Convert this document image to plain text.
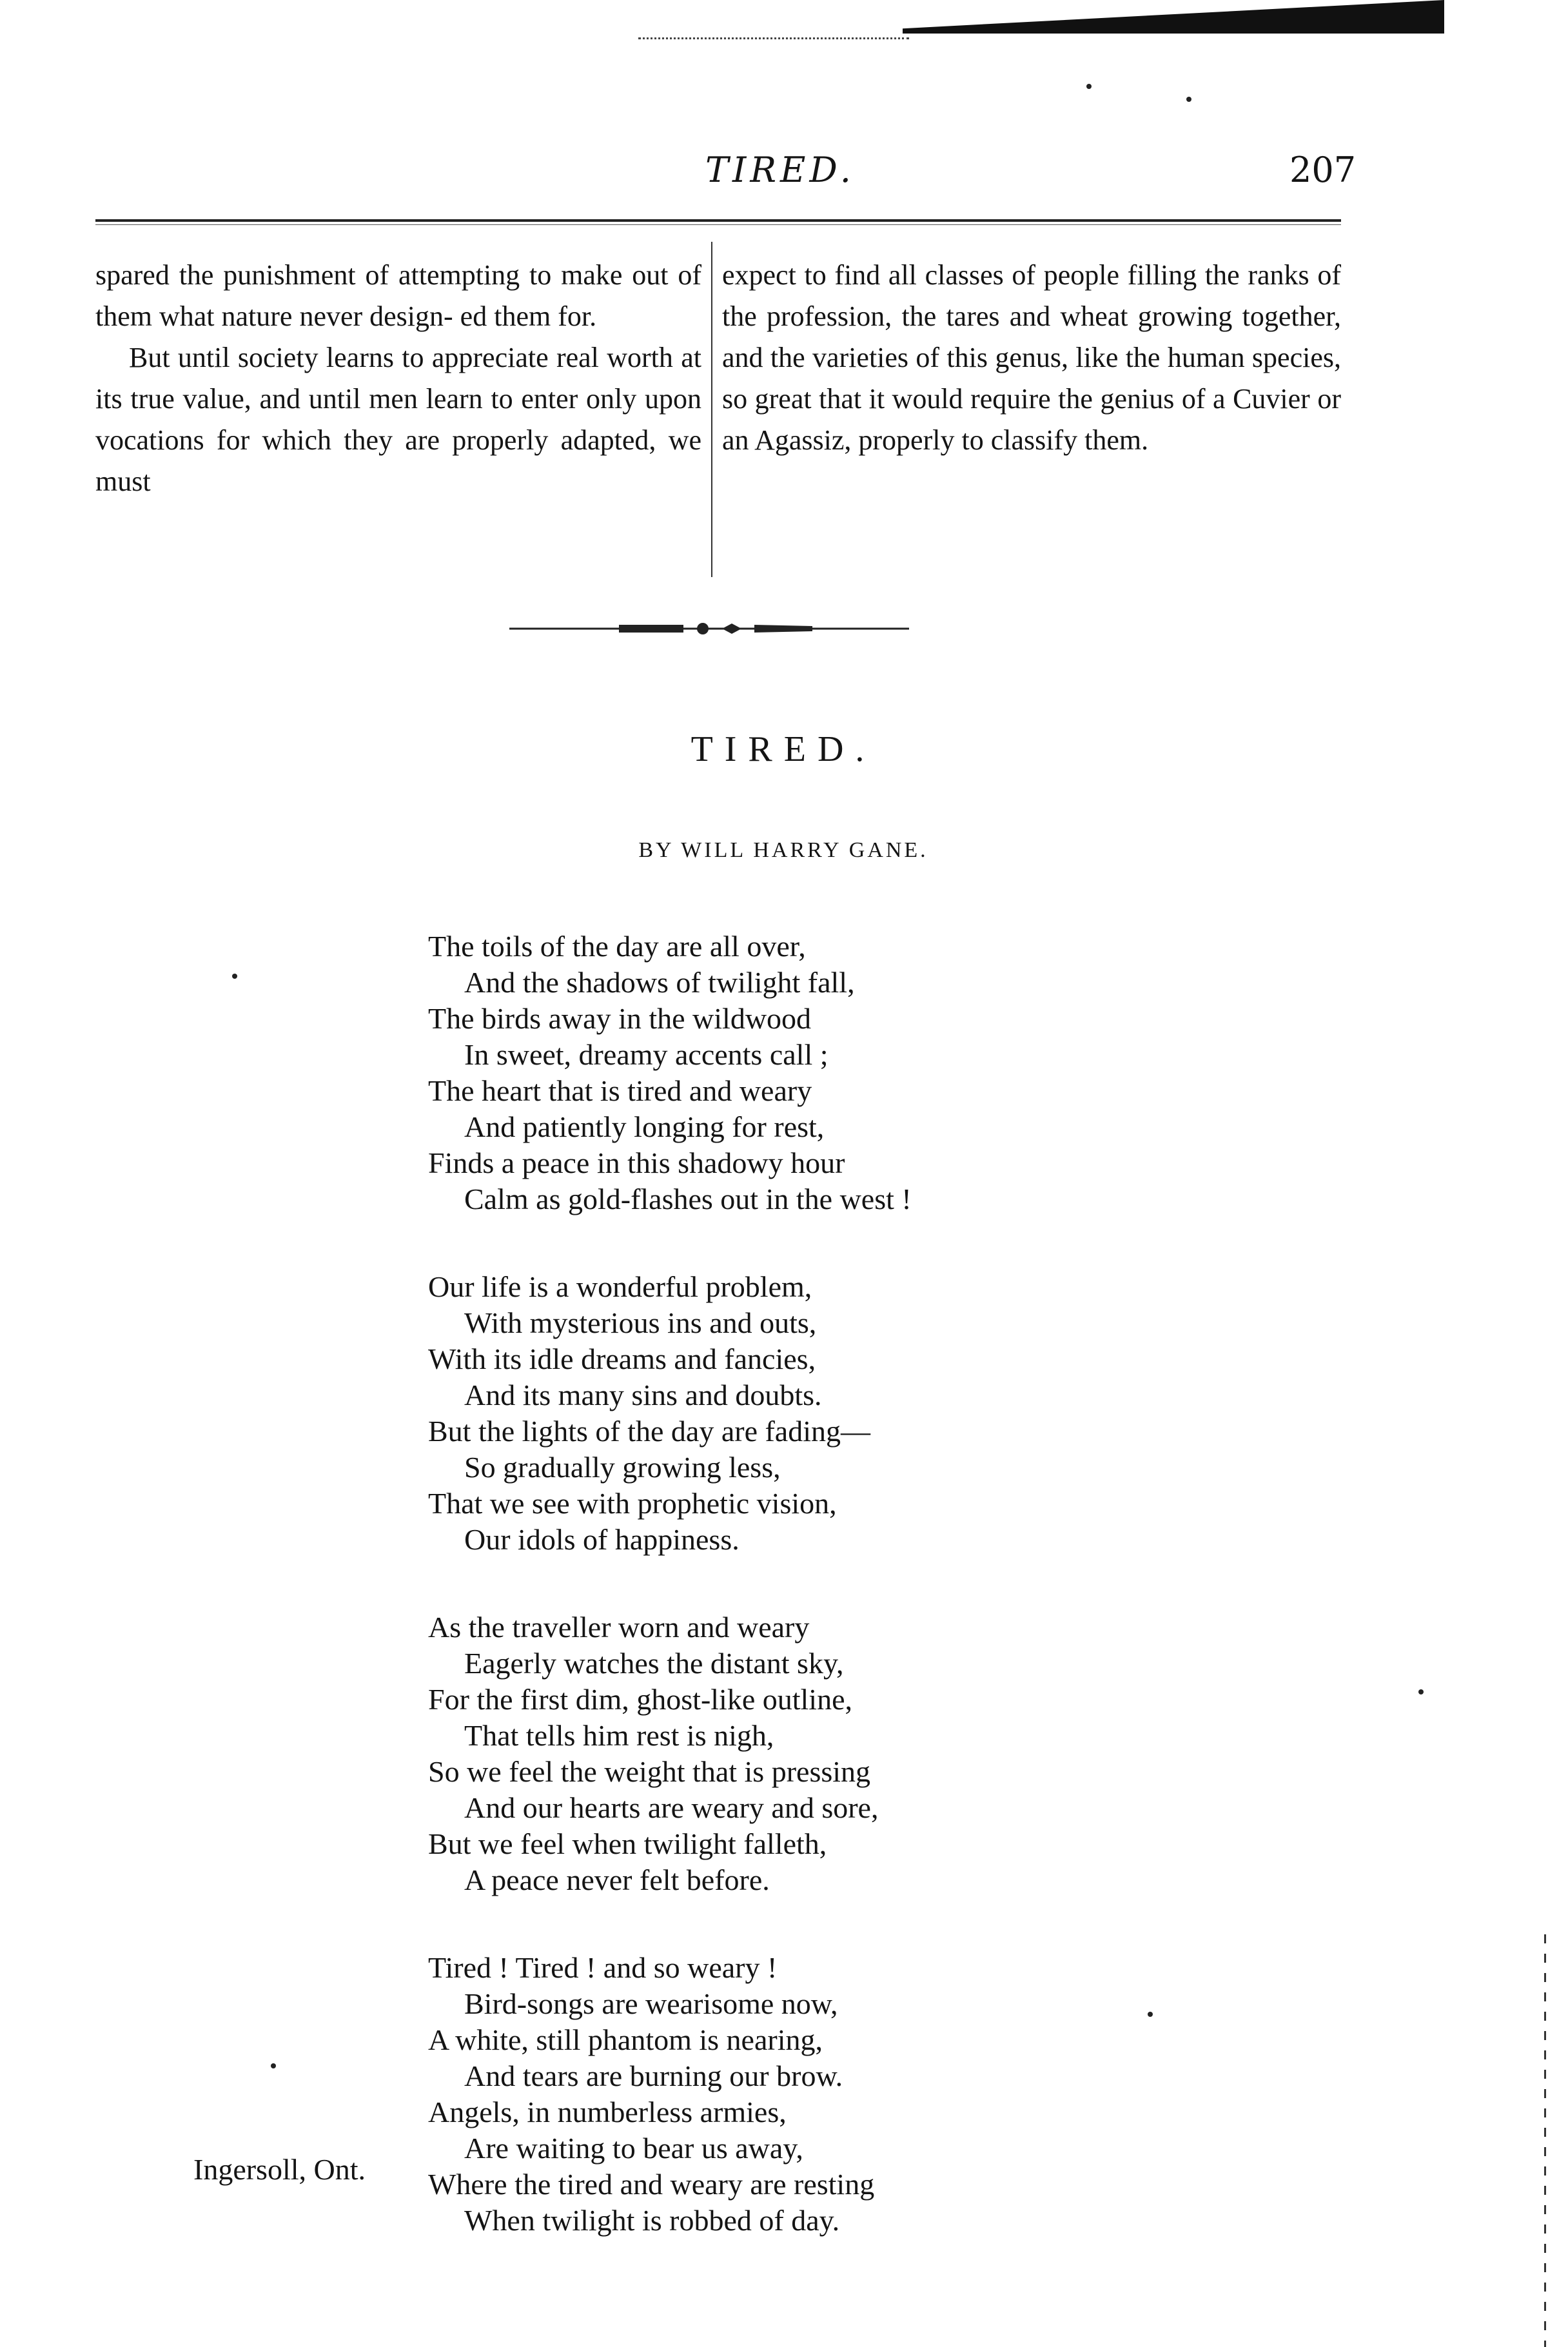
TIRED.	207

spared the punishment of attempting to make out of them what nature never design- ed them for.

But until society learns to appreciate real worth at its true value, and until men learn to enter only upon vocations for which they are properly adapted, we must

expect to find all classes of people filling the ranks of the profession, the tares and wheat growing together, and the varieties of this genus, like the human species, so great that it would require the genius of a Cuvier or an Agassiz, properly to classify them.

TIRED.
BY WILL HARRY GANE.
The toils of the day are all over,
And the shadows of twilight fall,
The birds away in the wildwood
In sweet, dreamy accents call ;
The heart that is tired and weary
And patiently longing for rest,
Finds a peace in this shadowy hour
Calm as gold-flashes out in the west !
Our life is a wonderful problem,
With mysterious ins and outs,
With its idle dreams and fancies,
And its many sins and doubts.
But the lights of the day are fading—
So gradually growing less,
That we see with prophetic vision,
Our idols of happiness.
As the traveller worn and weary
Eagerly watches the distant sky,
For the first dim, ghost-like outline,
That tells him rest is nigh,
So we feel the weight that is pressing
And our hearts are weary and sore,
But we feel when twilight falleth,
A peace never felt before.
Tired ! Tired ! and so weary !
Bird-songs are wearisome now,
A white, still phantom is nearing,
And tears are burning our brow.
Angels, in numberless armies,
Are waiting to bear us away,
Where the tired and weary are resting
When twilight is robbed of day.
Ingersoll, Ont.
